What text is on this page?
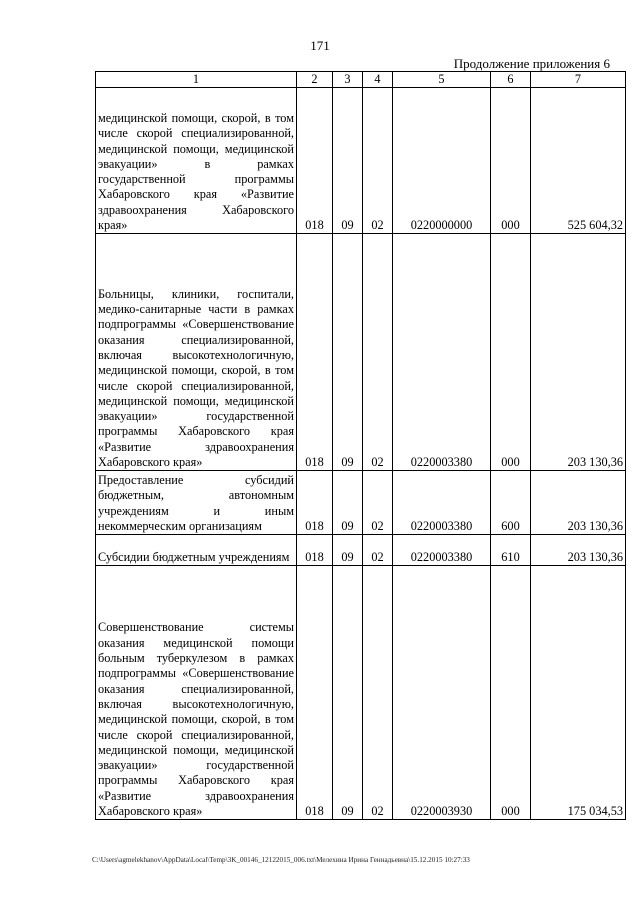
171
Продолжение приложения 6
1	2	3	4	5	6	7
медицинской помощи, скорой, в том числе скорой специализированной, медицинской помощи, медицинской эвакуации» в рамках государственной программы Хабаровского края «Развитие здравоохранения Хабаровского края»	018	09	02	0220000000	000	525 604,32
Больницы, клиники, госпитали, медико-санитарные части в рамках подпрограммы «Совершенствование оказания специализированной, включая высокотехнологичную, медицинской помощи, скорой, в том числе скорой специализированной, медицинской помощи, медицинской эвакуации» государственной программы Хабаровского края «Развитие здравоохранения Хабаровского края»	018	09	02	0220003380	000	203 130,36
Предоставление субсидий бюджетным, автономным учреждениям и иным некоммерческим организациям	018	09	02	0220003380	600	203 130,36
Субсидии бюджетным учреждениям	018	09	02	0220003380	610	203 130,36
Совершенствование системы оказания медицинской помощи больным туберкулезом в рамках подпрограммы «Совершенствование оказания специализированной, включая высокотехнологичную, медицинской помощи, скорой, в том числе скорой специализированной, медицинской помощи, медицинской эвакуации» государственной программы Хабаровского края «Развитие здравоохранения Хабаровского края»	018	09	02	0220003930	000	175 034,53
C:\Users\agmelekhanov\AppData\Local\Temp\3K_00146_12122015_006.txt\Мелехина Ирина Геннадьевна\15.12.2015 10:27:33
